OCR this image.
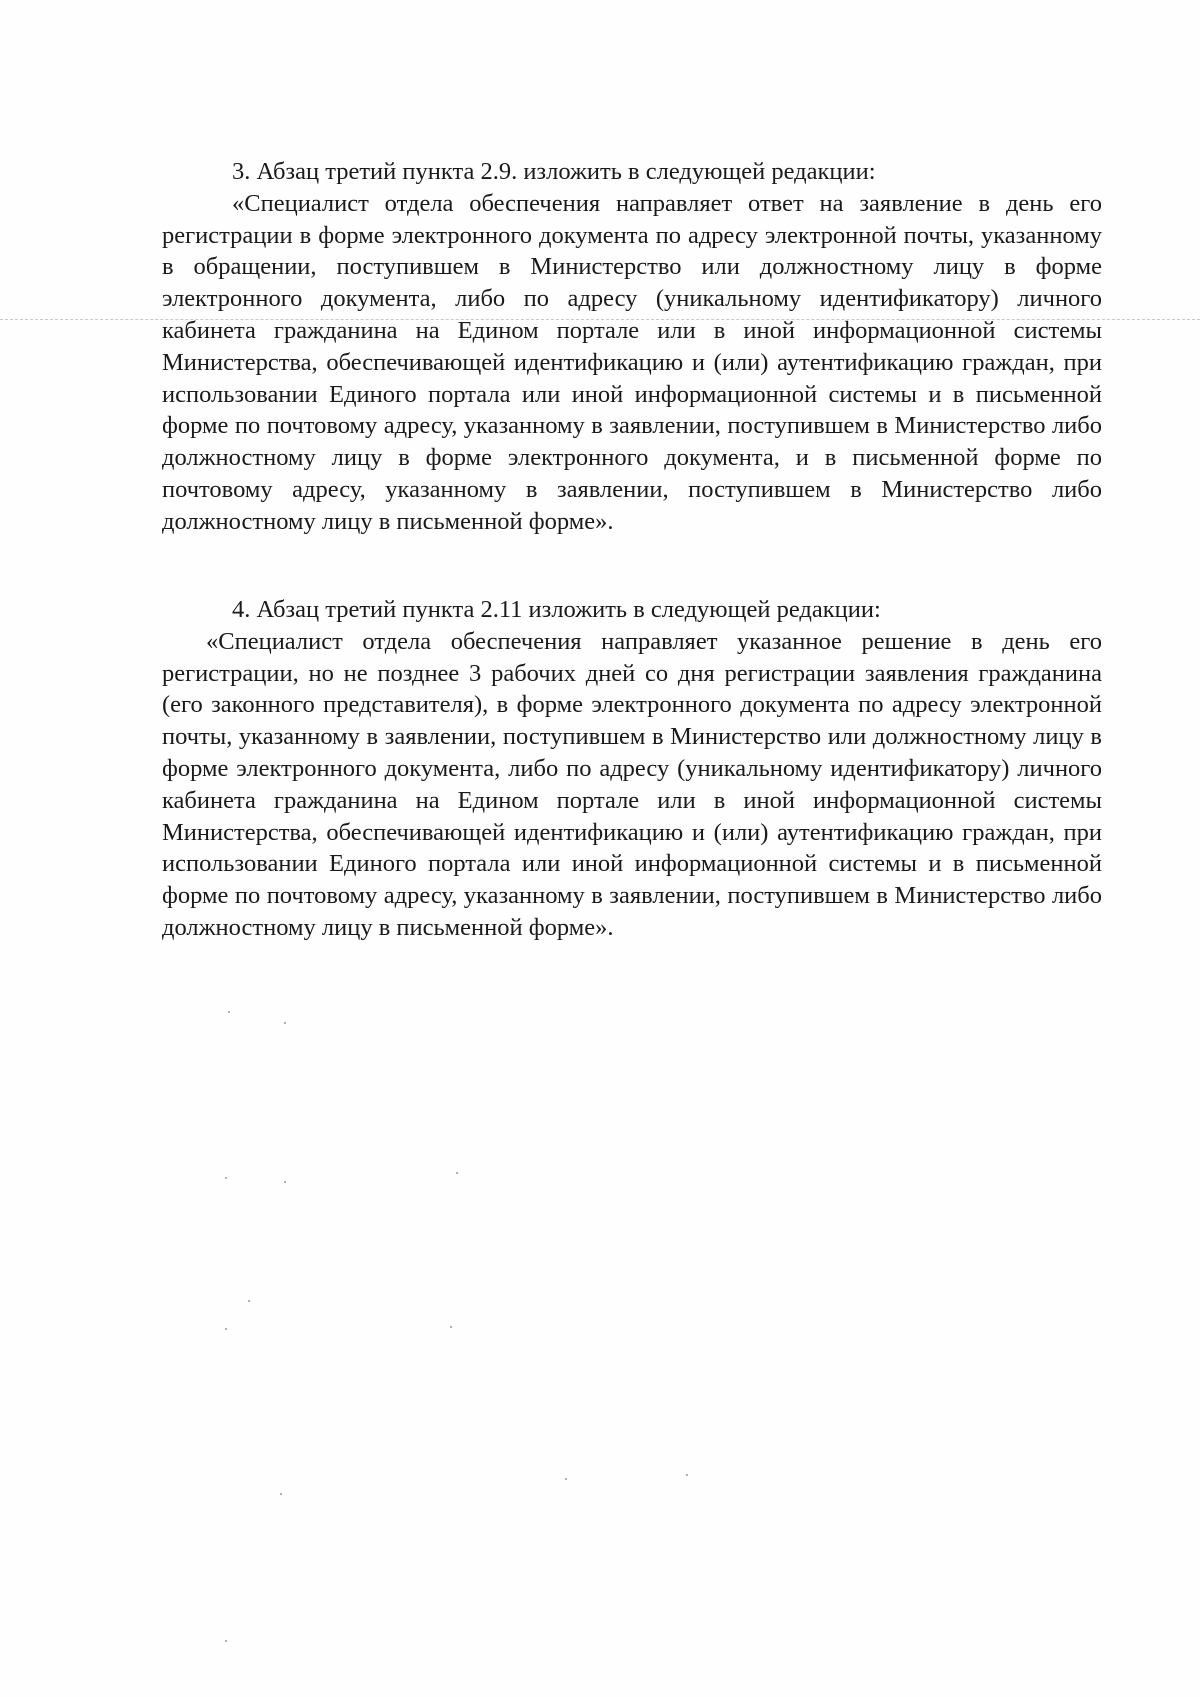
3. Абзац третий пункта 2.9. изложить в следующей редакции:

«Специалист отдела обеспечения направляет ответ на заявление в день его регистрации в форме электронного документа по адресу электронной почты, указанному в обращении, поступившем в Министерство или должностному лицу в форме электронного документа, либо по адресу (уникальному идентификатору) личного кабинета гражданина на Едином портале или в иной информационной системы Министерства, обеспечивающей идентификацию и (или) аутентификацию граждан, при использовании Единого портала или иной информационной системы и в письменной форме по почтовому адресу, указанному в заявлении, поступившем в Министерство либо должностному лицу в форме электронного документа, и в письменной форме по почтовому адресу, указанному в заявлении, поступившем в Министерство либо должностному лицу в письменной форме».

4. Абзац третий пункта 2.11 изложить в следующей редакции:

«Специалист отдела обеспечения направляет указанное решение в день его регистрации, но не позднее 3 рабочих дней со дня регистрации заявления гражданина (его законного представителя), в форме электронного документа по адресу электронной почты, указанному в заявлении, поступившем в Министерство или должностному лицу в форме электронного документа, либо по адресу (уникальному идентификатору) личного кабинета гражданина на Едином портале или в иной информационной системы Министерства, обеспечивающей идентификацию и (или) аутентификацию граждан, при использовании Единого портала или иной информационной системы и в письменной форме по почтовому адресу, указанному в заявлении, поступившем в Министерство либо должностному лицу в письменной форме».
